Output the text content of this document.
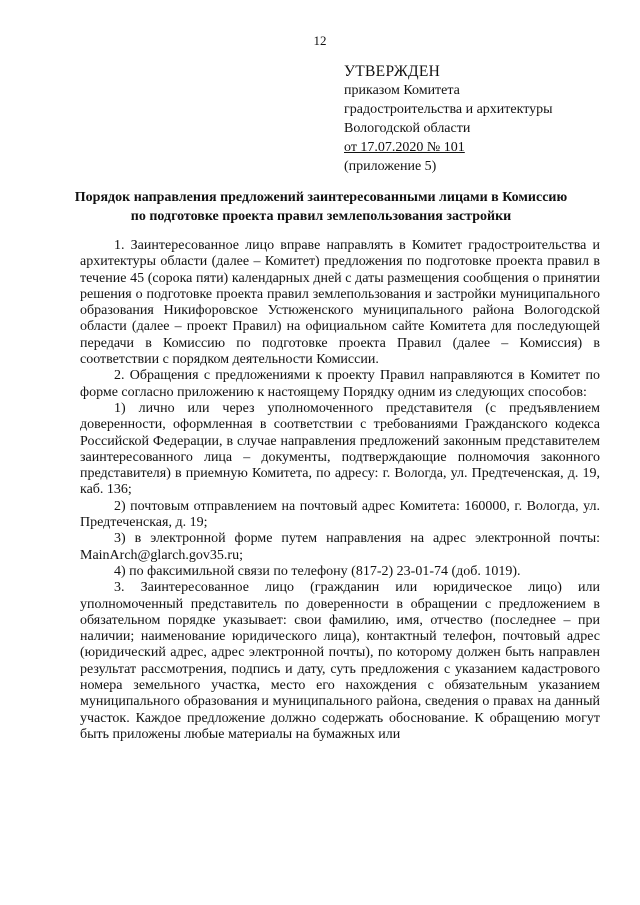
12
УТВЕРЖДЕН
приказом Комитета
градостроительства и архитектуры
Вологодской области
от 17.07.2020 № 101
(приложение 5)
Порядок направления предложений заинтересованными лицами в Комиссию
по подготовке проекта правил землепользования застройки

1. Заинтересованное лицо вправе направлять в Комитет градостроительства и архитектуры области (далее – Комитет) предложения по подготовке проекта правил в течение 45 (сорока пяти) календарных дней с даты размещения сообщения о принятии решения о подготовке проекта правил землепользования и застройки муниципального образования Никифоровское Устюженского муниципального района Вологодской области (далее – проект Правил) на официальном сайте Комитета для последующей передачи в Комиссию по подготовке проекта Правил (далее – Комиссия) в соответствии с порядком деятельности Комиссии.

2. Обращения с предложениями к проекту Правил направляются в Комитет по форме согласно приложению к настоящему Порядку одним из следующих способов:

1) лично или через уполномоченного представителя (с предъявлением доверенности, оформленная в соответствии с требованиями Гражданского кодекса Российской Федерации, в случае направления предложений законным представителем заинтересованного лица – документы, подтверждающие полномочия законного представителя) в приемную Комитета, по адресу: г. Вологда, ул. Предтеченская, д. 19, каб. 136;

2) почтовым отправлением на почтовый адрес Комитета: 160000, г. Вологда, ул. Предтеченская, д. 19;

3) в электронной форме путем направления на адрес электронной почты: MainArch@glarch.gov35.ru;

4) по факсимильной связи по телефону (817-2) 23-01-74 (доб. 1019).

3. Заинтересованное лицо (гражданин или юридическое лицо) или уполномоченный представитель по доверенности в обращении с предложением в обязательном порядке указывает: свои фамилию, имя, отчество (последнее – при наличии; наименование юридического лица), контактный телефон, почтовый адрес (юридический адрес, адрес электронной почты), по которому должен быть направлен результат рассмотрения, подпись и дату, суть предложения с указанием кадастрового номера земельного участка, место его нахождения с обязательным указанием муниципального образования и муниципального района, сведения о правах на данный участок. Каждое предложение должно содержать обоснование. К обращению могут быть приложены любые материалы на бумажных или
